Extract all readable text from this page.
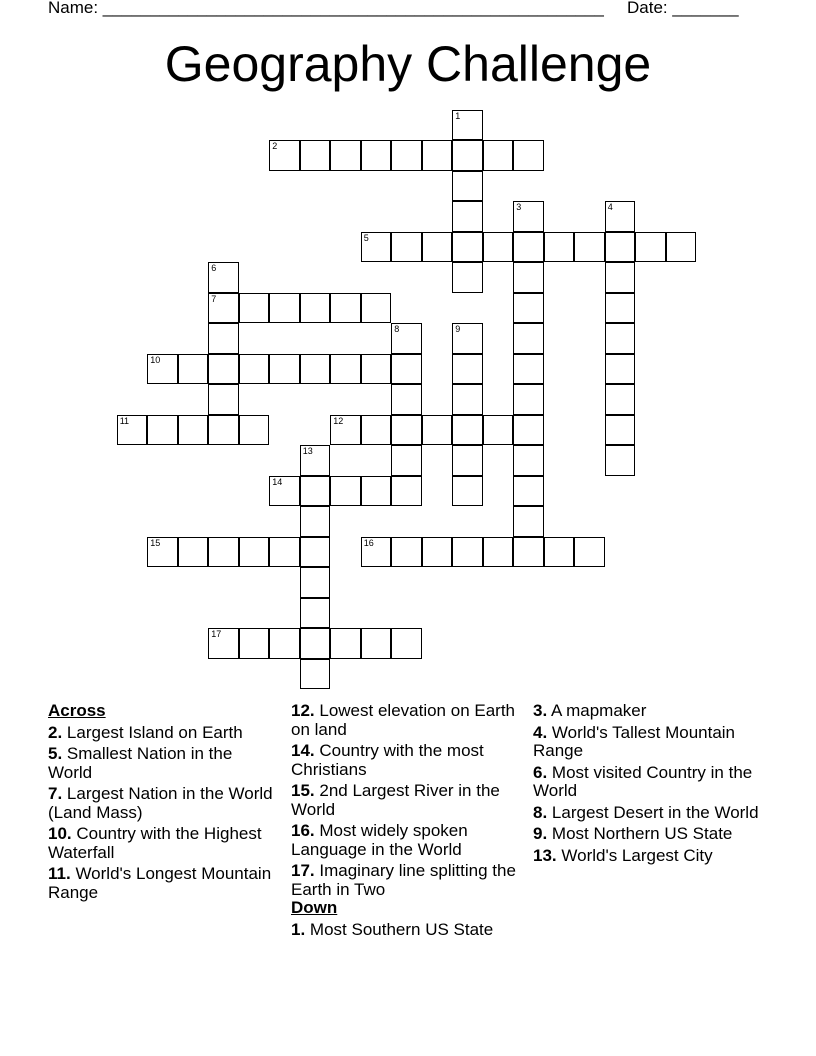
Name: _____________________________________________________	Date: _______
Geography Challenge
1
2
3	4
5
6
7
8	9
10
11	12
13
14
15	16
17
Across
2. Largest Island on Earth
5. Smallest Nation in the World
7. Largest Nation in the World (Land Mass)
10. Country with the Highest Waterfall
11. World's Longest Mountain Range
12. Lowest elevation on Earth on land
14. Country with the most Christians
15. 2nd Largest River in the World
16. Most widely spoken Language in the World
17. Imaginary line splitting the Earth in Two
Down
1. Most Southern US State
3. A mapmaker
4. World's Tallest Mountain Range
6. Most visited Country in the World
8. Largest Desert in the World
9. Most Northern US State
13. World's Largest City
